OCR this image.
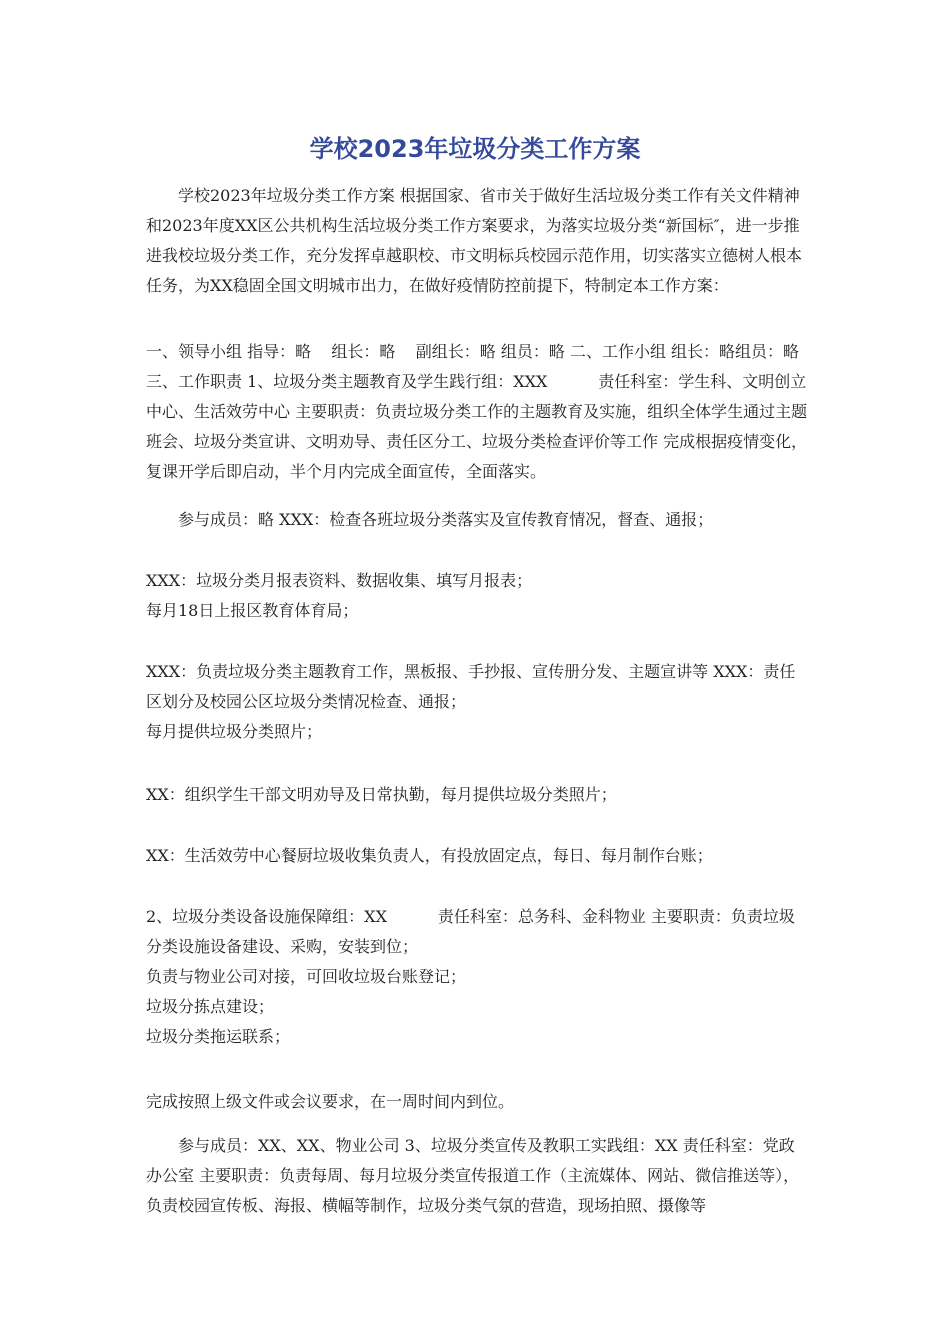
学校2023年垃圾分类工作方案

学校2023年垃圾分类工作方案 根据国家、省市关于做好生活垃圾分类工作有关文件精神和2023年度XX区公共机构生活垃圾分类工作方案要求，为落实垃圾分类“新国标″，进一步推进我校垃圾分类工作，充分发挥卓越职校、市文明标兵校园示范作用，切实落实立德树人根本任务，为XX稳固全国文明城市出力，在做好疫情防控前提下，特制定本工作方案：

一、领导小组 指导：略    组长：略    副组长：略 组员：略 二、工作小组 组长：略组员：略 三、工作职责 1、垃圾分类主题教育及学生践行组：XXX          责任科室：学生科、文明创立中心、生活效劳中心 主要职责：负责垃圾分类工作的主题教育及实施，组织全体学生通过主题班会、垃圾分类宣讲、文明劝导、责任区分工、垃圾分类检查评价等工作 完成根据疫情变化，复课开学后即启动，半个月内完成全面宣传，全面落实。

参与成员：略 XXX：检查各班垃圾分类落实及宣传教育情况，督查、通报；

XXX：垃圾分类月报表资料、数据收集、填写月报表；
每月18日上报区教育体育局；

XXX：负责垃圾分类主题教育工作，黑板报、手抄报、宣传册分发、主题宣讲等 XXX：责任区划分及校园公区垃圾分类情况检查、通报；
每月提供垃圾分类照片；

XX：组织学生干部文明劝导及日常执勤，每月提供垃圾分类照片；

XX：生活效劳中心餐厨垃圾收集负责人，有投放固定点，每日、每月制作台账；

2、垃圾分类设备设施保障组：XX          责任科室：总务科、金科物业 主要职责：负责垃圾分类设施设备建设、采购，安装到位；
负责与物业公司对接，可回收垃圾台账登记；
垃圾分拣点建设；
垃圾分类拖运联系；

完成按照上级文件或会议要求，在一周时间内到位。

参与成员：XX、XX、物业公司 3、垃圾分类宣传及教职工实践组：XX 责任科室：党政办公室 主要职责：负责每周、每月垃圾分类宣传报道工作（主流媒体、网站、微信推送等），负责校园宣传板、海报、横幅等制作，垃圾分类气氛的营造，现场拍照、摄像等
